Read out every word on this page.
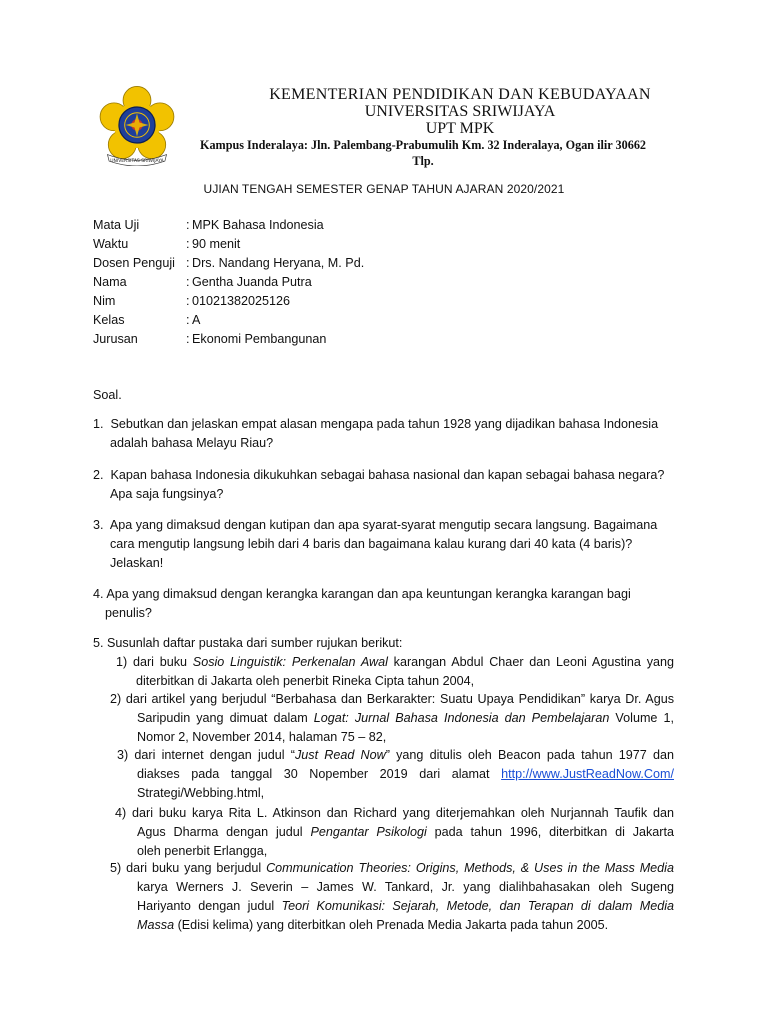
UNIVERSITAS SRIWIJAYA
KEMENTERIAN PENDIDIKAN DAN KEBUDAYAAN
UNIVERSITAS SRIWIJAYA
UPT MPK
Kampus Inderalaya: Jln. Palembang-Prabumulih Km. 32 Inderalaya, Ogan ilir 30662
Tlp.
UJIAN TENGAH SEMESTER GENAP TAHUN AJARAN 2020/2021
Mata Uji	: MPK Bahasa Indonesia
Waktu	: 90 menit
Dosen Penguji : Drs. Nandang Heryana, M. Pd.
Nama	: Gentha Juanda Putra
Nim	: 01021382025126
Kelas	: A
Jurusan	: Ekonomi Pembangunan
Soal.
1. Sebutkan dan jelaskan empat alasan mengapa pada tahun 1928 yang dijadikan bahasa Indonesia
adalah bahasa Melayu Riau?
2. Kapan bahasa Indonesia dikukuhkan sebagai bahasa nasional dan kapan sebagai bahasa negara?
Apa saja fungsinya?
3. Apa yang dimaksud dengan kutipan dan apa syarat-syarat mengutip secara langsung. Bagaimana
cara mengutip langsung lebih dari 4 baris dan bagaimana kalau kurang dari 40 kata (4 baris)?
Jelaskan!
4. Apa yang dimaksud dengan kerangka karangan dan apa keuntungan kerangka karangan bagi
penulis?
5. Susunlah daftar pustaka dari sumber rujukan berikut:
1) dari buku Sosio Linguistik: Perkenalan Awal karangan Abdul Chaer dan Leoni Agustina yang
diterbitkan di Jakarta oleh penerbit Rineka Cipta tahun 2004,
2) dari artikel yang berjudul “Berbahasa dan Berkarakter: Suatu Upaya Pendidikan” karya Dr. Agus
Saripudin yang dimuat dalam Logat: Jurnal Bahasa Indonesia dan Pembelajaran Volume 1,
Nomor 2, November 2014, halaman 75 – 82,
3) dari internet dengan judul “Just Read Now” yang ditulis oleh Beacon pada tahun 1977 dan
diakses pada tanggal 30 Nopember 2019 dari alamat http://www.JustReadNow.Com/
Strategi/Webbing.html,
4) dari buku karya Rita L. Atkinson dan Richard yang diterjemahkan oleh Nurjannah Taufik dan
Agus Dharma dengan judul Pengantar Psikologi pada tahun 1996, diterbitkan di Jakarta
oleh penerbit Erlangga,
5) dari buku yang berjudul Communication Theories: Origins, Methods, & Uses in the Mass Media
karya Werners J. Severin – James W. Tankard, Jr. yang dialihbahasakan oleh Sugeng
Hariyanto dengan judul Teori Komunikasi: Sejarah, Metode, dan Terapan di dalam Media
Massa (Edisi kelima) yang diterbitkan oleh Prenada Media Jakarta pada tahun 2005.
